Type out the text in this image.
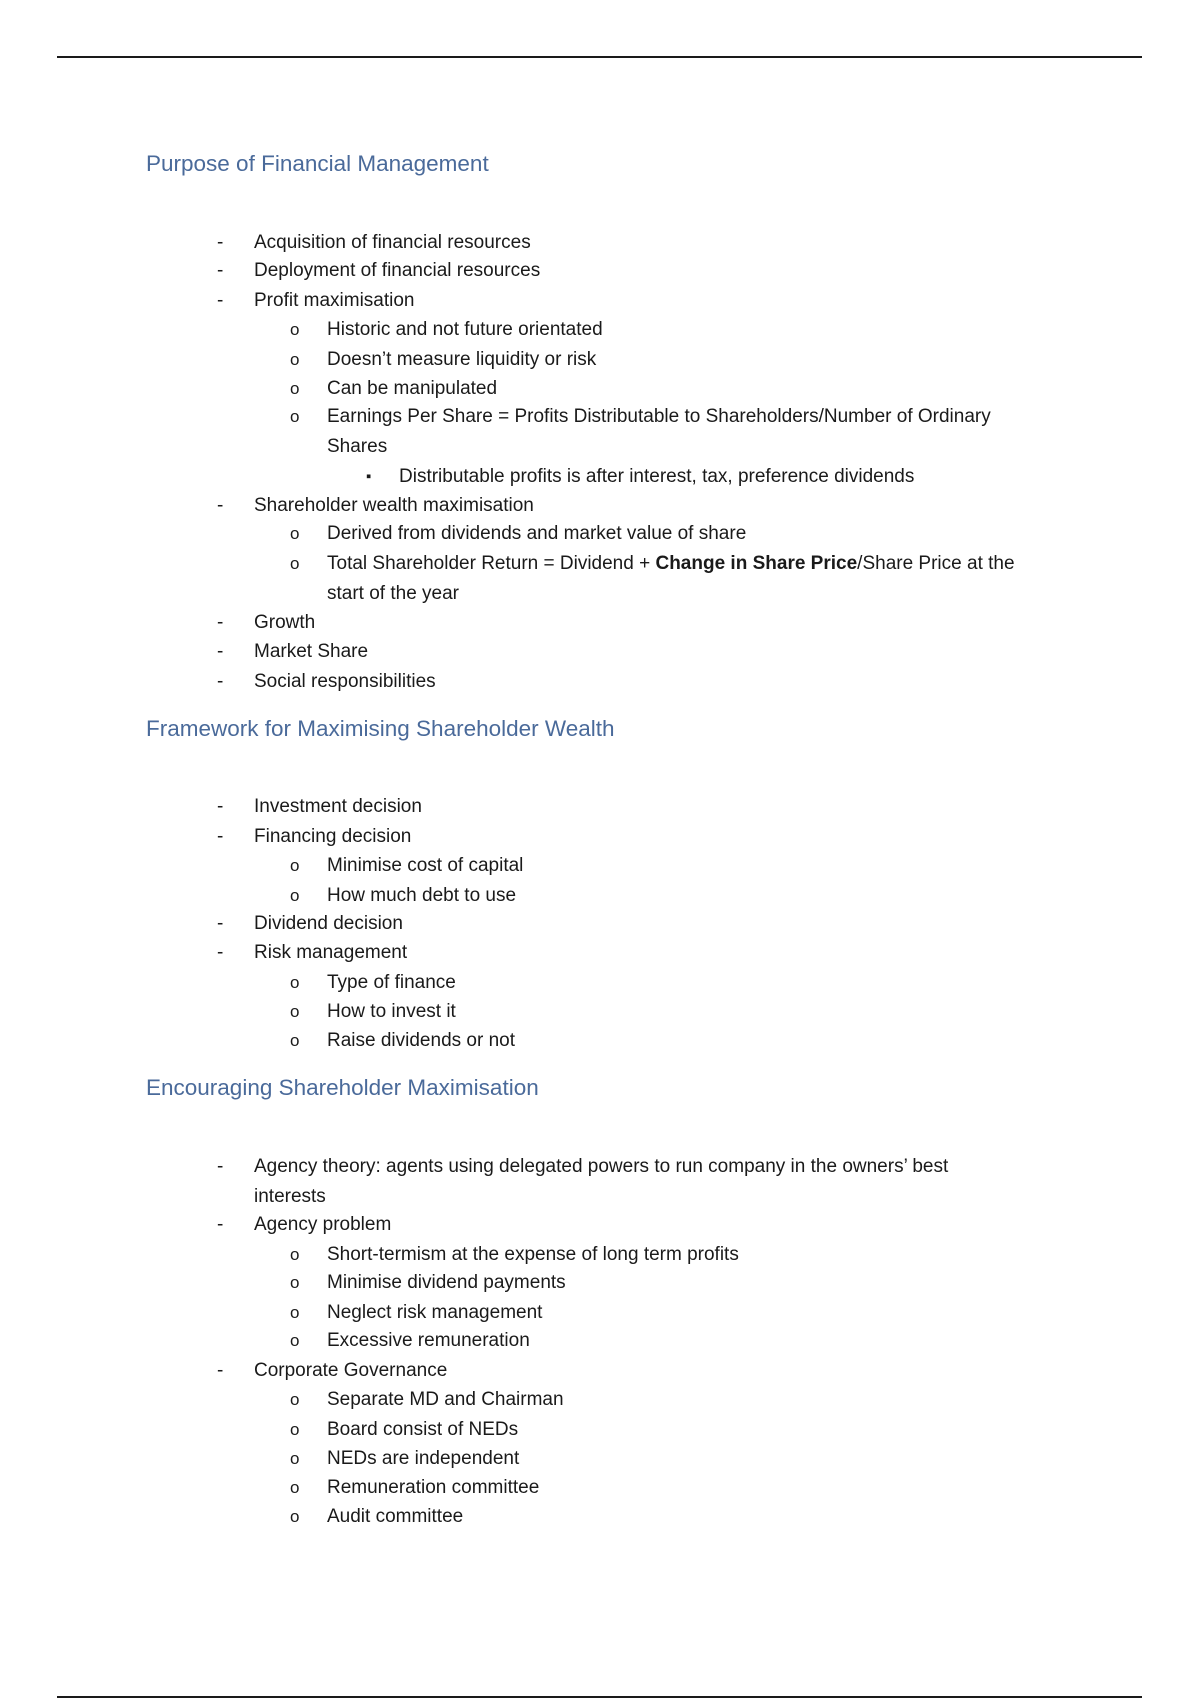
Purpose of Financial Management
- Acquisition of financial resources
- Deployment of financial resources
- Profit maximisation
o Historic and not future orientated
o Doesn’t measure liquidity or risk
o Can be manipulated
o Earnings Per Share = Profits Distributable to Shareholders/Number of Ordinary
Shares
▪ Distributable profits is after interest, tax, preference dividends
- Shareholder wealth maximisation
o Derived from dividends and market value of share
o Total Shareholder Return = Dividend + Change in Share Price/Share Price at the
start of the year
- Growth
- Market Share
- Social responsibilities
Framework for Maximising Shareholder Wealth
- Investment decision
- Financing decision
o Minimise cost of capital
o How much debt to use
- Dividend decision
- Risk management
o Type of finance
o How to invest it
o Raise dividends or not
Encouraging Shareholder Maximisation
- Agency theory: agents using delegated powers to run company in the owners’ best
interests
- Agency problem
o Short-termism at the expense of long term profits
o Minimise dividend payments
o Neglect risk management
o Excessive remuneration
- Corporate Governance
o Separate MD and Chairman
o Board consist of NEDs
o NEDs are independent
o Remuneration committee
o Audit committee
